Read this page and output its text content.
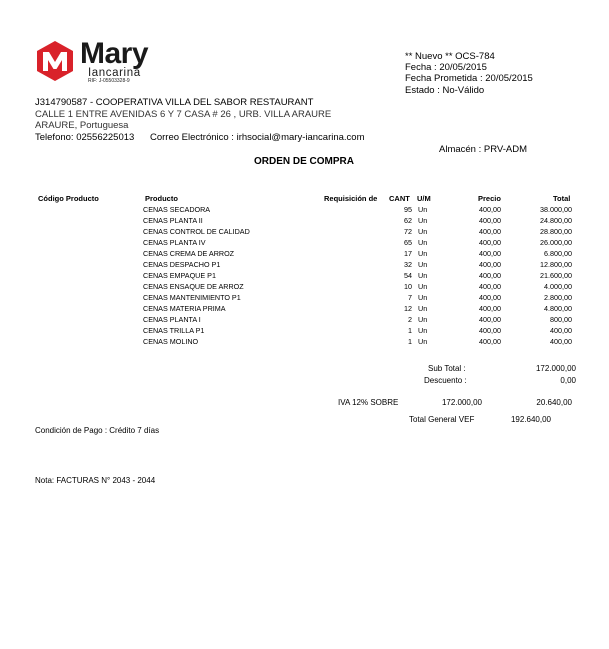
Mary
Iancarina
RIF: J-05503328-9
** Nuevo ** OCS-784
Fecha : 20/05/2015
Fecha Prometida : 20/05/2015
Estado : No-Válido
J314790587 - COOPERATIVA VILLA DEL SABOR RESTAURANT
CALLE 1 ENTRE AVENIDAS 6 Y 7 CASA # 26 , URB. VILLA ARAURE
ARAURE, Portuguesa
Telefono: 02556225013 Correo Electrónico : irhsocial@mary-iancarina.com
Almacén : PRV-ADM
ORDEN DE COMPRA
Código Producto	Producto	Requisición de CANT U/M	Precio	Total
CENAS SECADORA	95 Un	400,00	38.000,00
CENAS PLANTA II	62 Un	400,00	24.800,00
CENAS CONTROL DE CALIDAD	72 Un	400,00	28.800,00
CENAS PLANTA IV	65 Un	400,00	26.000,00
CENAS CREMA DE ARROZ	17 Un	400,00	6.800,00
CENAS DESPACHO P1	32 Un	400,00	12.800,00
CENAS EMPAQUE P1	54 Un	400,00	21.600,00
CENAS ENSAQUE DE ARROZ	10 Un	400,00	4.000,00
CENAS MANTENIMIENTO P1	7 Un	400,00	2.800,00
CENAS MATERIA PRIMA	12 Un	400,00	4.800,00
CENAS PLANTA I	2 Un	400,00	800,00
CENAS TRILLA P1	1 Un	400,00	400,00
CENAS MOLINO	1 Un	400,00	400,00
Sub Total :	172.000,00
Descuento :	0,00
IVA 12% SOBRE	172.000,00	20.640,00
Total General VEF	192.640,00
Condición de Pago : Crédito 7 días
Nota: FACTURAS N° 2043 - 2044
